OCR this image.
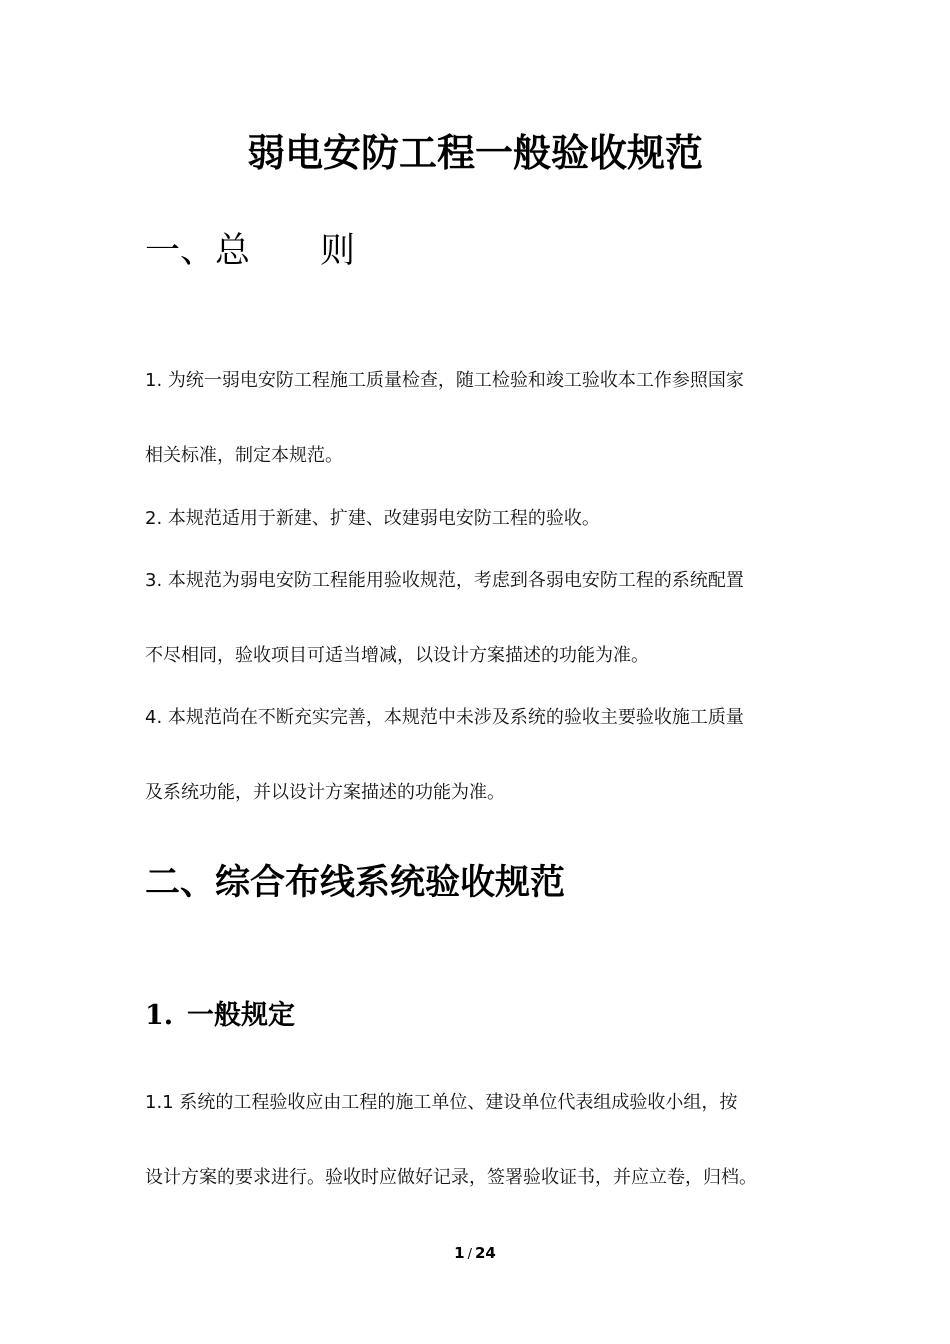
弱电安防工程一般验收规范
一、总 则
1. 为统一弱电安防工程施工质量检查，随工检验和竣工验收本工作参照国家
相关标准，制定本规范。
2. 本规范适用于新建、扩建、改建弱电安防工程的验收。
3. 本规范为弱电安防工程能用验收规范，考虑到各弱电安防工程的系统配置
不尽相同，验收项目可适当增减，以设计方案描述的功能为准。
4. 本规范尚在不断充实完善，本规范中未涉及系统的验收主要验收施工质量
及系统功能，并以设计方案描述的功能为准。
二、综合布线系统验收规范
1. 一般规定
1.1 系统的工程验收应由工程的施工单位、建设单位代表组成验收小组，按
设计方案的要求进行。验收时应做好记录，签署验收证书，并应立卷，归档。
1 / 24
